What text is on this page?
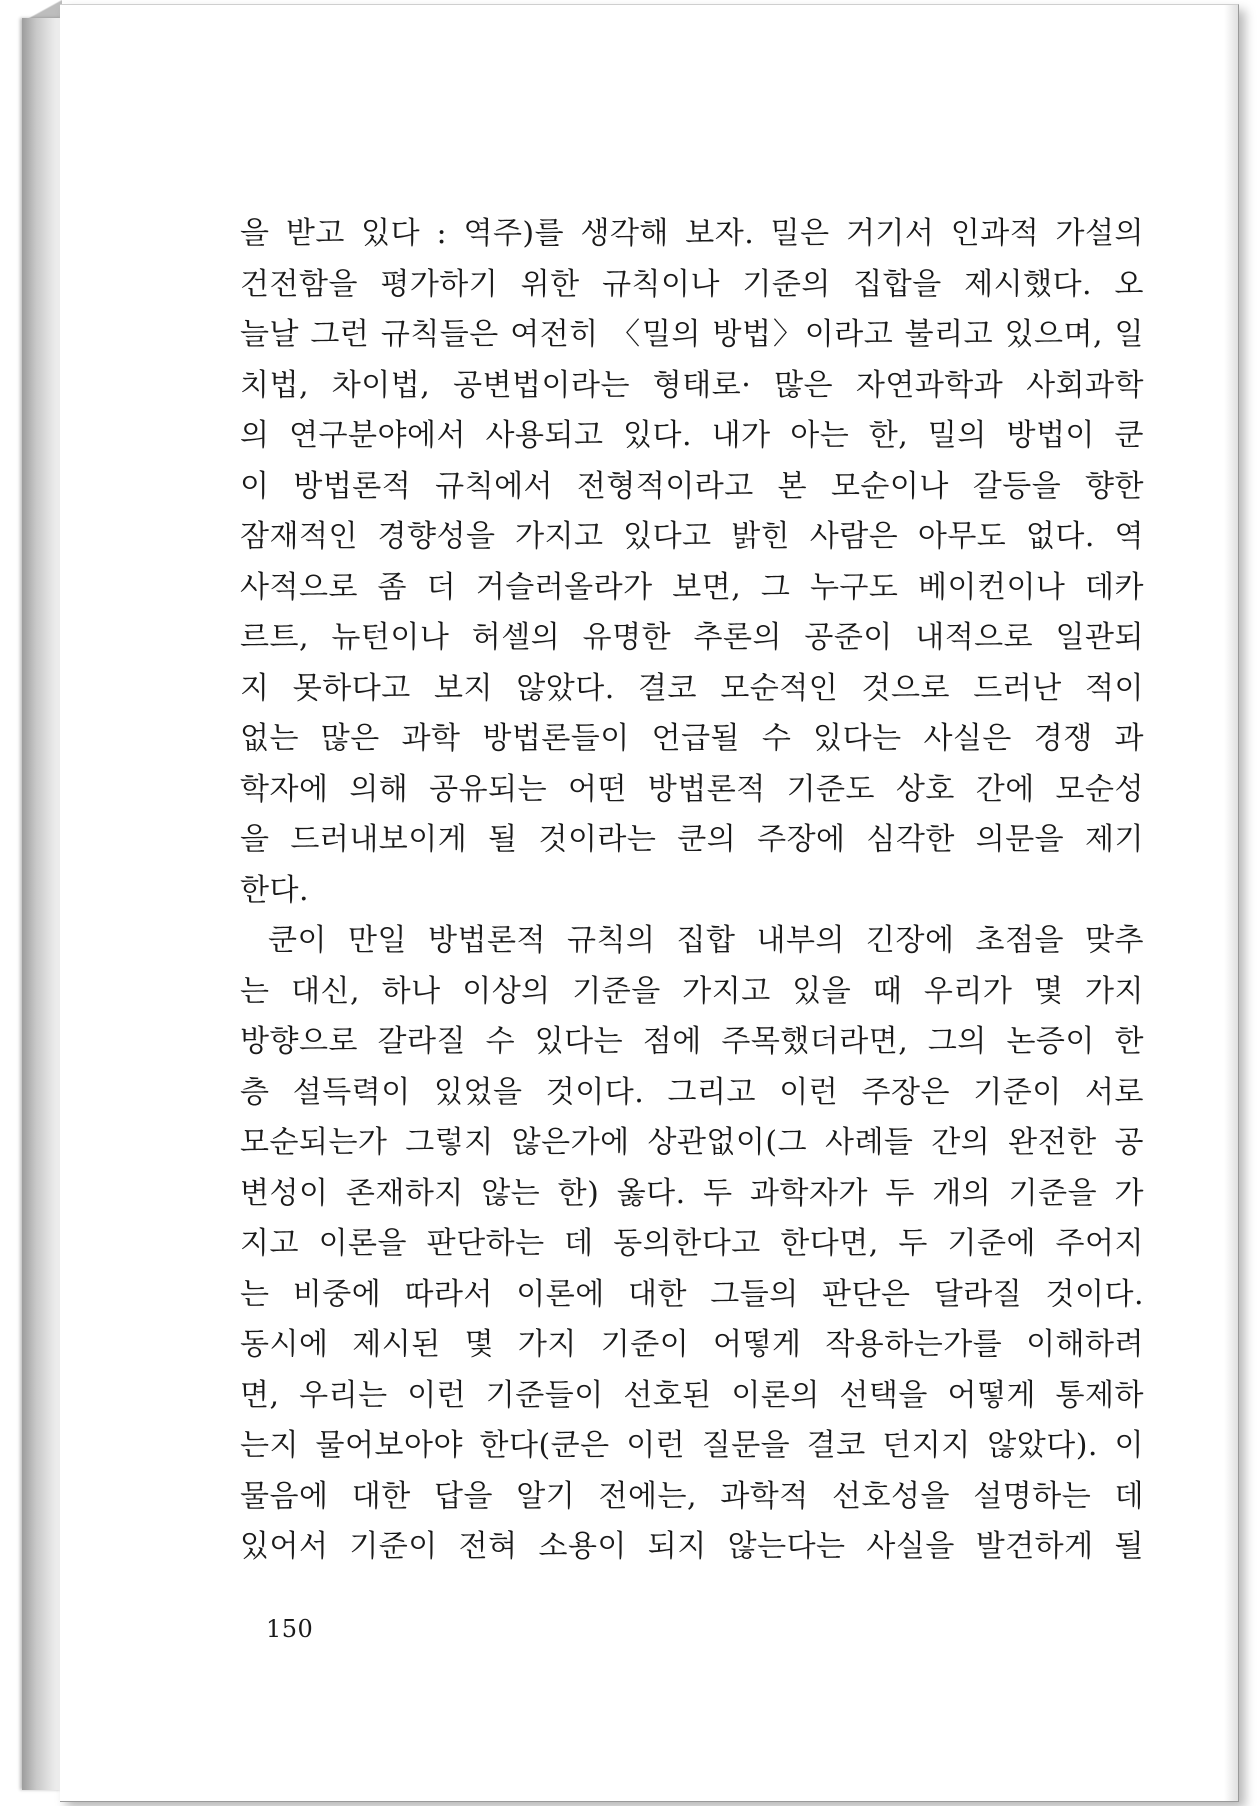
을 받고 있다 : 역주)를 생각해 보자. 밀은 거기서 인과적 가설의
건전함을 평가하기 위한 규칙이나 기준의 집합을 제시했다. 오
늘날 그런 규칙들은 여전히 〈밀의 방법〉이라고 불리고 있으며, 일
치법, 차이법, 공변법이라는 형태로· 많은 자연과학과 사회과학
의 연구분야에서 사용되고 있다. 내가 아는 한, 밀의 방법이 쿤
이 방법론적 규칙에서 전형적이라고 본 모순이나 갈등을 향한
잠재적인 경향성을 가지고 있다고 밝힌 사람은 아무도 없다. 역
사적으로 좀 더 거슬러올라가 보면, 그 누구도 베이컨이나 데카
르트, 뉴턴이나 허셀의 유명한 추론의 공준이 내적으로 일관되
지 못하다고 보지 않았다. 결코 모순적인 것으로 드러난 적이
없는 많은 과학 방법론들이 언급될 수 있다는 사실은 경쟁 과
학자에 의해 공유되는 어떤 방법론적 기준도 상호 간에 모순성
을 드러내보이게 될 것이라는 쿤의 주장에 심각한 의문을 제기
한다.
쿤이 만일 방법론적 규칙의 집합 내부의 긴장에 초점을 맞추
는 대신, 하나 이상의 기준을 가지고 있을 때 우리가 몇 가지
방향으로 갈라질 수 있다는 점에 주목했더라면, 그의 논증이 한
층 설득력이 있었을 것이다. 그리고 이런 주장은 기준이 서로
모순되는가 그렇지 않은가에 상관없이(그 사례들 간의 완전한 공
변성이 존재하지 않는 한) 옳다. 두 과학자가 두 개의 기준을 가
지고 이론을 판단하는 데 동의한다고 한다면, 두 기준에 주어지
는 비중에 따라서 이론에 대한 그들의 판단은 달라질 것이다.
동시에 제시된 몇 가지 기준이 어떻게 작용하는가를 이해하려
면, 우리는 이런 기준들이 선호된 이론의 선택을 어떻게 통제하
는지 물어보아야 한다(쿤은 이런 질문을 결코 던지지 않았다). 이
물음에 대한 답을 알기 전에는, 과학적 선호성을 설명하는 데
있어서 기준이 전혀 소용이 되지 않는다는 사실을 발견하게 될
150
